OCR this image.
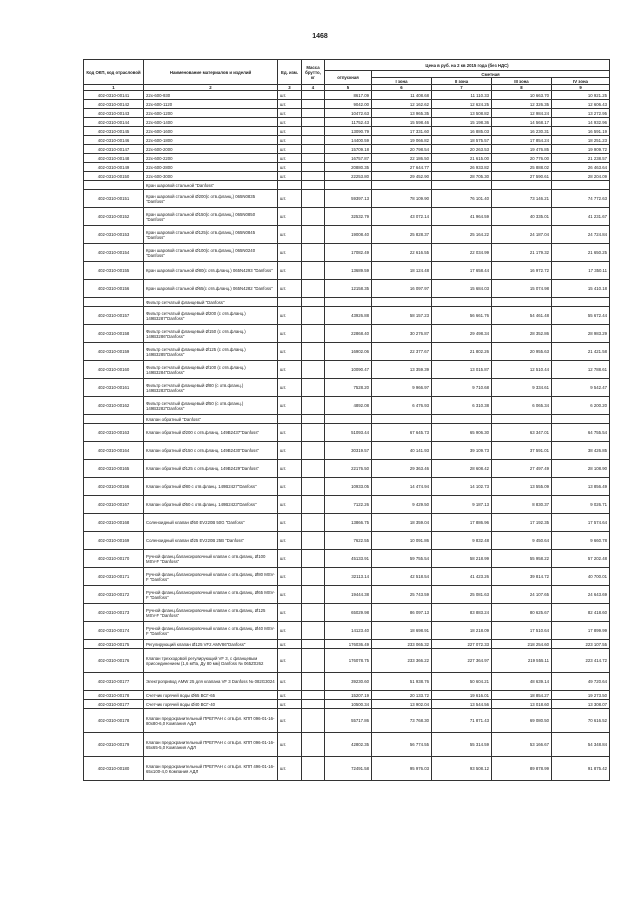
1468
Код ОКП, код отрасловой	Наименование материалов и изделий	Ед. изм.	Масса брутто, кг	Цена в руб. на 2 кв 2015 года (без НДС)				
				отпускная	Сметная			
					I зона	II зона	III зона	IV зона

1	2	3	4	5	6	7	8	9
402-0310-00141	22х-600-930	шт.		8617.09	11 408.68	11 110.33	10 663.70	10 921.25
402-0310-00142	22х-600-1120	шт.		9042.00	12 162.62	12 624.25	12 326.35	12 606.43
402-0310-00143	22х-600-1200	шт.		10472.63	13 965.35	13 508.82	12 984.24	13 272.95
402-0310-00144	22х-600-1400	шт.		11752.43	15 598.46	15 198.36	14 568.17	14 932.96
402-0310-00145	22х-600-1600	шт.		13090.79	17 331.60	16 885.03	16 230.31	16 591.19
402-0310-00146	22х-600-1800	шт.		14400.59	19 066.82	18 575.57	17 854.24	18 251.23
402-0310-00147	22х-600-2000	шт.		15709.18	20 798.54	20 263.53	19 476.85	19 909.72
402-0310-00148	22х-600-2200	шт.		16757.87	22 186.50	21 615.00	20 776.00	21 238.57
402-0310-00149	22х-600-2800	шт.		20880.35	27 644.77	26 933.82	25 888.02	26 463.64
402-0310-00150	22х-600-3000	шт.		22253.80	29 452.90	28 705.30	27 590.61	28 204.09
	Кран шаровой стальной "Danfoss"							
402-0310-00151	Кран шаровой стальной Ø200(с отв.фланц.) 065N0835 "Danfoss"	шт.		59397.13	78 109.90	76 101.40	73 146.21	74 772.63
402-0310-00152	Кран шаровой стальной Ø150(с отв.фланц.) 065N0850 "Danfoss"	шт.		32532.79	43 072.14	41 964.59	40 335.01	41 231.67
402-0310-00153	Кран шаровой стальной Ø125(с отв.фланц.) 065N0845 "Danfoss"	шт.		19008.40	25 828.37	25 164.22	24 187.04	24 724.84
402-0310-00154	Кран шаровой стальной Ø100(с отв.фланц.) 065N0240 "Danfoss"	шт.		17082.49	22 616.55	22 034.99	21 179.32	21 650.25
402-0310-00155	Кран шаровой стальной Ø80(с отв.фланц.) 065N4293 "Danfoss"	шт.		13689.59	18 124.48	17 658.44	16 972.72	17 350.11
402-0310-00156	Кран шаровой стальной Ø65(с отв.фланц.) 065N4282 "Danfoss"	шт.		12158.35	16 097.97	15 684.03	15 074.98	15 410.18
	Фильтр сетчатый фланцевый "Danfoss"							
402-0310-00157	Фильтр сетчатый фланцевый Ø200 (с отв.фланц.) 149В3287"Danfoss"	шт.		43926.88	58 157.23	56 661.76	54 461.48	55 672.44
402-0310-00158	Фильтр сетчатый фланцевый Ø150 (с отв.фланц.) 149В3286"Danfoss"	шт.		22868.40	30 276.87	29 498.34	28 352.86	28 983.29
402-0310-00159	Фильтр сетчатый фланцевый Ø125 (с отв.фланц.) 149В3285"Danfoss"	шт.		16902.06	22 377.67	21 802.26	20 955.63	21 421.58
402-0310-00160	Фильтр сетчатый фланцевый Ø100 (с отв.фланц.) 149В3284"Danfoss"	шт.		10090.47	13 359.39	13 015.87	12 510.44	12 788.61
402-0310-00161	Фильтр сетчатый фланцевый Ø80 (с отв.фланц.) 149В3283"Danfoss"	шт.		7528.20	9 966.97	9 710.68	9 334.61	9 542.47
402-0310-00162	Фильтр сетчатый фланцевый Ø50 (с отв.фланц.) 149В3282"Danfoss"	шт.		4892.08	6 476.93	6 310.38	6 065.34	6 200.20
	Клапан обратный "Danfoss"							
402-0310-00163	Клапан обратный Ø200 с отв.фланц. 149В2437"Danfoss"	шт.		51093.44	67 645.73	65 906.30	63 347.01	64 755.54
402-0310-00164	Клапан обратный Ø150 с отв.фланц. 149В2430"Danfoss"	шт.		30319.57	40 141.93	39 109.73	37 591.01	38 426.85
402-0310-00165	Клапан обратный Ø125 с отв.фланц. 149В2429"Danfoss"	шт.		22176.50	29 363.46	28 608.42	27 497.49	28 108.90
402-0310-00166	Клапан обратный Ø80 с отв.фланц. 149В2427"Danfoss"	шт.		10933.05	14 474.94	14 102.73	13 555.09	13 856.49
402-0310-00167	Клапан обратный Ø50 с отв.фланц. 149В2423"Danfoss"	шт.		7122.26	9 429.50	9 187.13	8 830.37	9 026.71
402-0310-00168	Соленоидный клапан Ø50 EV220B 50G "Danfoss"	шт.		13866.75	18 359.04	17 886.96	17 192.35	17 574.64
402-0310-00169	Соленоидный клапан Ø25 EV220B 25B "Danfoss"	шт.		7622.55	10 091.86	9 832.48	9 450.64	9 660.78
402-0310-00170	Ручной фланц.балансировочный клапан с отв.фланц. Ø100 MSV-F "Danfoss"	шт.		45133.91	59 755.54	58 218.99	55 958.22	57 202.48
402-0310-00171	Ручной фланц.балансировочный клапан с отв.фланц. Ø80 MSV-F "Danfoss"	шт.		32113.14	42 518.54	41 423.26	39 814.72	40 700.01
402-0310-00172	Ручной фланц.балансировочный клапан с отв.фланц. Ø65 MSV-F "Danfoss"	шт.		19444.38	25 743.59	25 081.63	24 107.65	24 643.69
402-0310-00173	Ручной фланц.балансировочный клапан с отв.фланц. Ø125 MSV-F "Danfoss"	шт.		65029.98	86 097.13	83 883.24	80 625.67	82 418.60
402-0310-00174	Ручной фланц.балансировочный клапан с отв.фланц. Ø40 MSV-F "Danfoss"	шт.		14123.40	18 698.91	18 218.09	17 510.64	17 899.99
402-0310-00175	Регулирующий клапан Ø125 VF2 AMV86"Danfoss"	шт.		176036.49	233 065.32	227 072.33	218 254.60	223 107.55
402-0310-00176	Клапан трехходовой регулирующий VF 3, с фланцевым присоединением (1,6 мПа, Ду 80 мм) Danfoss № 065Z0262	шт.		176078.75	233 366.22	227 364.97	219 555.11	223 414.72
402-0310-00177	Электропривод AMW 25 для клапана VF 3 Danfoss № 082G3024	шт.		39230.60	51 938.76	50 604.21	48 639.14	49 720.64
402-0310-00178	Счетчик горячей воды Ø65 ВСГ-65	шт.		15207.19	20 133.72	19 616.01	18 854.27	19 273.50
402-0310-00177	Счетчик горячей воды Ø40 ВСГ-40	шт.		10500.34	13 902.04	13 544.56	13 018.60	13 308.07
402-0310-00178	Клапан предохранительный ПРЕГРАН с отв.фл. КПП 096-01-16-80х80-6,0 Компания АДЛ	шт.		55717.86	73 768.30	71 871.43	69 080.50	70 616.52
402-0310-00179	Клапан предохранительный ПРЕГРАН с отв.фл. КПП 096-01-16-65х65-5,0 Компания АДЛ	шт.		42802.35	56 774.55	55 314.59	53 166.67	54 348.84
402-0310-00180	Клапан предохранительный ПРЕГРАН с отв.фл. КПП 496-01-16-65х100-4,0 Компания АДЛ	шт.		72491.58	95 976.03	93 508.12	89 878.99	91 875.42
